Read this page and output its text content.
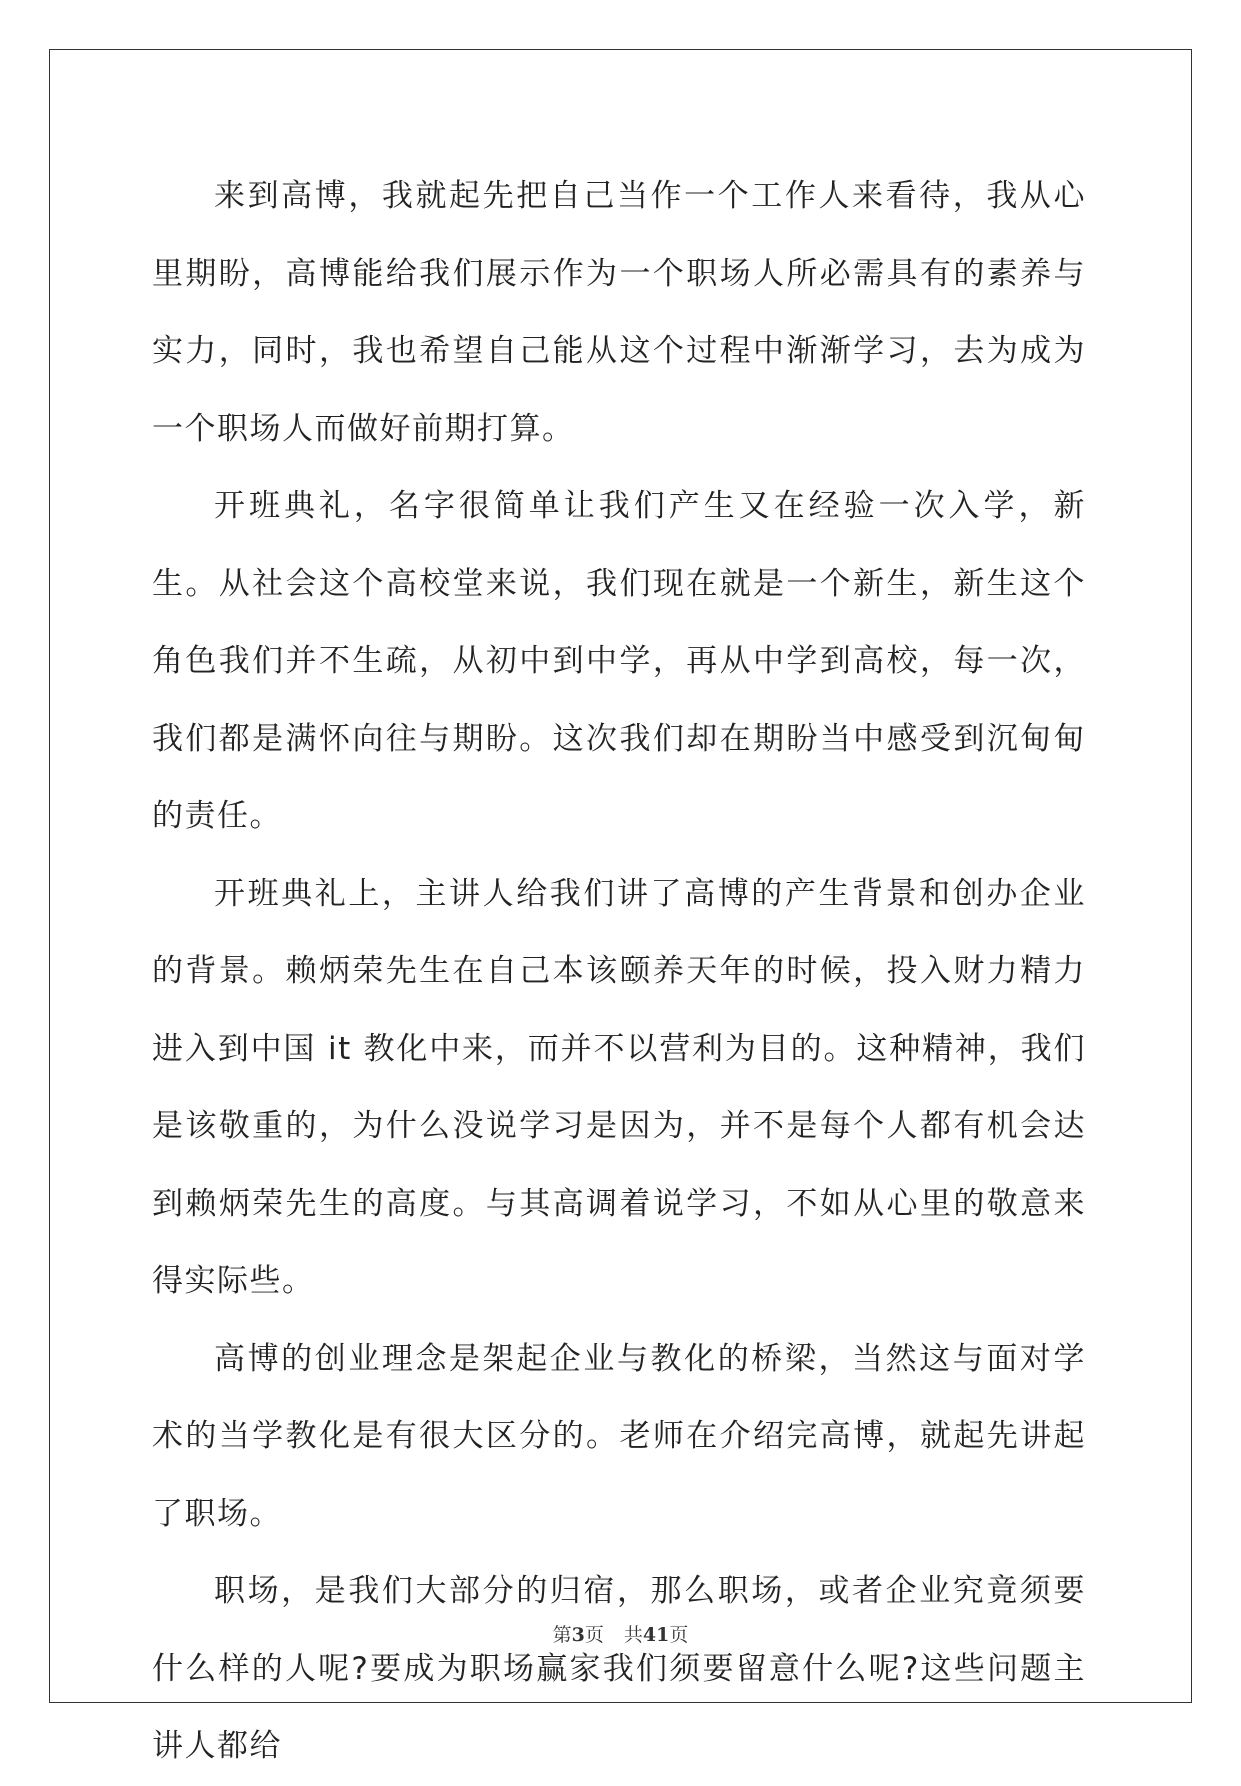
来到高博，我就起先把自己当作一个工作人来看待，我从心里期盼，高博能给我们展示作为一个职场人所必需具有的素养与实力，同时，我也希望自己能从这个过程中渐渐学习，去为成为一个职场人而做好前期打算。

开班典礼，名字很简单让我们产生又在经验一次入学，新生。从社会这个高校堂来说，我们现在就是一个新生，新生这个角色我们并不生疏，从初中到中学，再从中学到高校，每一次，我们都是满怀向往与期盼。这次我们却在期盼当中感受到沉甸甸的责任。

开班典礼上，主讲人给我们讲了高博的产生背景和创办企业的背景。赖炳荣先生在自己本该颐养天年的时候，投入财力精力进入到中国 it 教化中来，而并不以营利为目的。这种精神，我们是该敬重的，为什么没说学习是因为，并不是每个人都有机会达到赖炳荣先生的高度。与其高调着说学习，不如从心里的敬意来得实际些。

高博的创业理念是架起企业与教化的桥梁，当然这与面对学术的当学教化是有很大区分的。老师在介绍完高博，就起先讲起了职场。

职场，是我们大部分的归宿，那么职场，或者企业究竟须要什么样的人呢?要成为职场赢家我们须要留意什么呢?这些问题主讲人都给

第3页 共41页
